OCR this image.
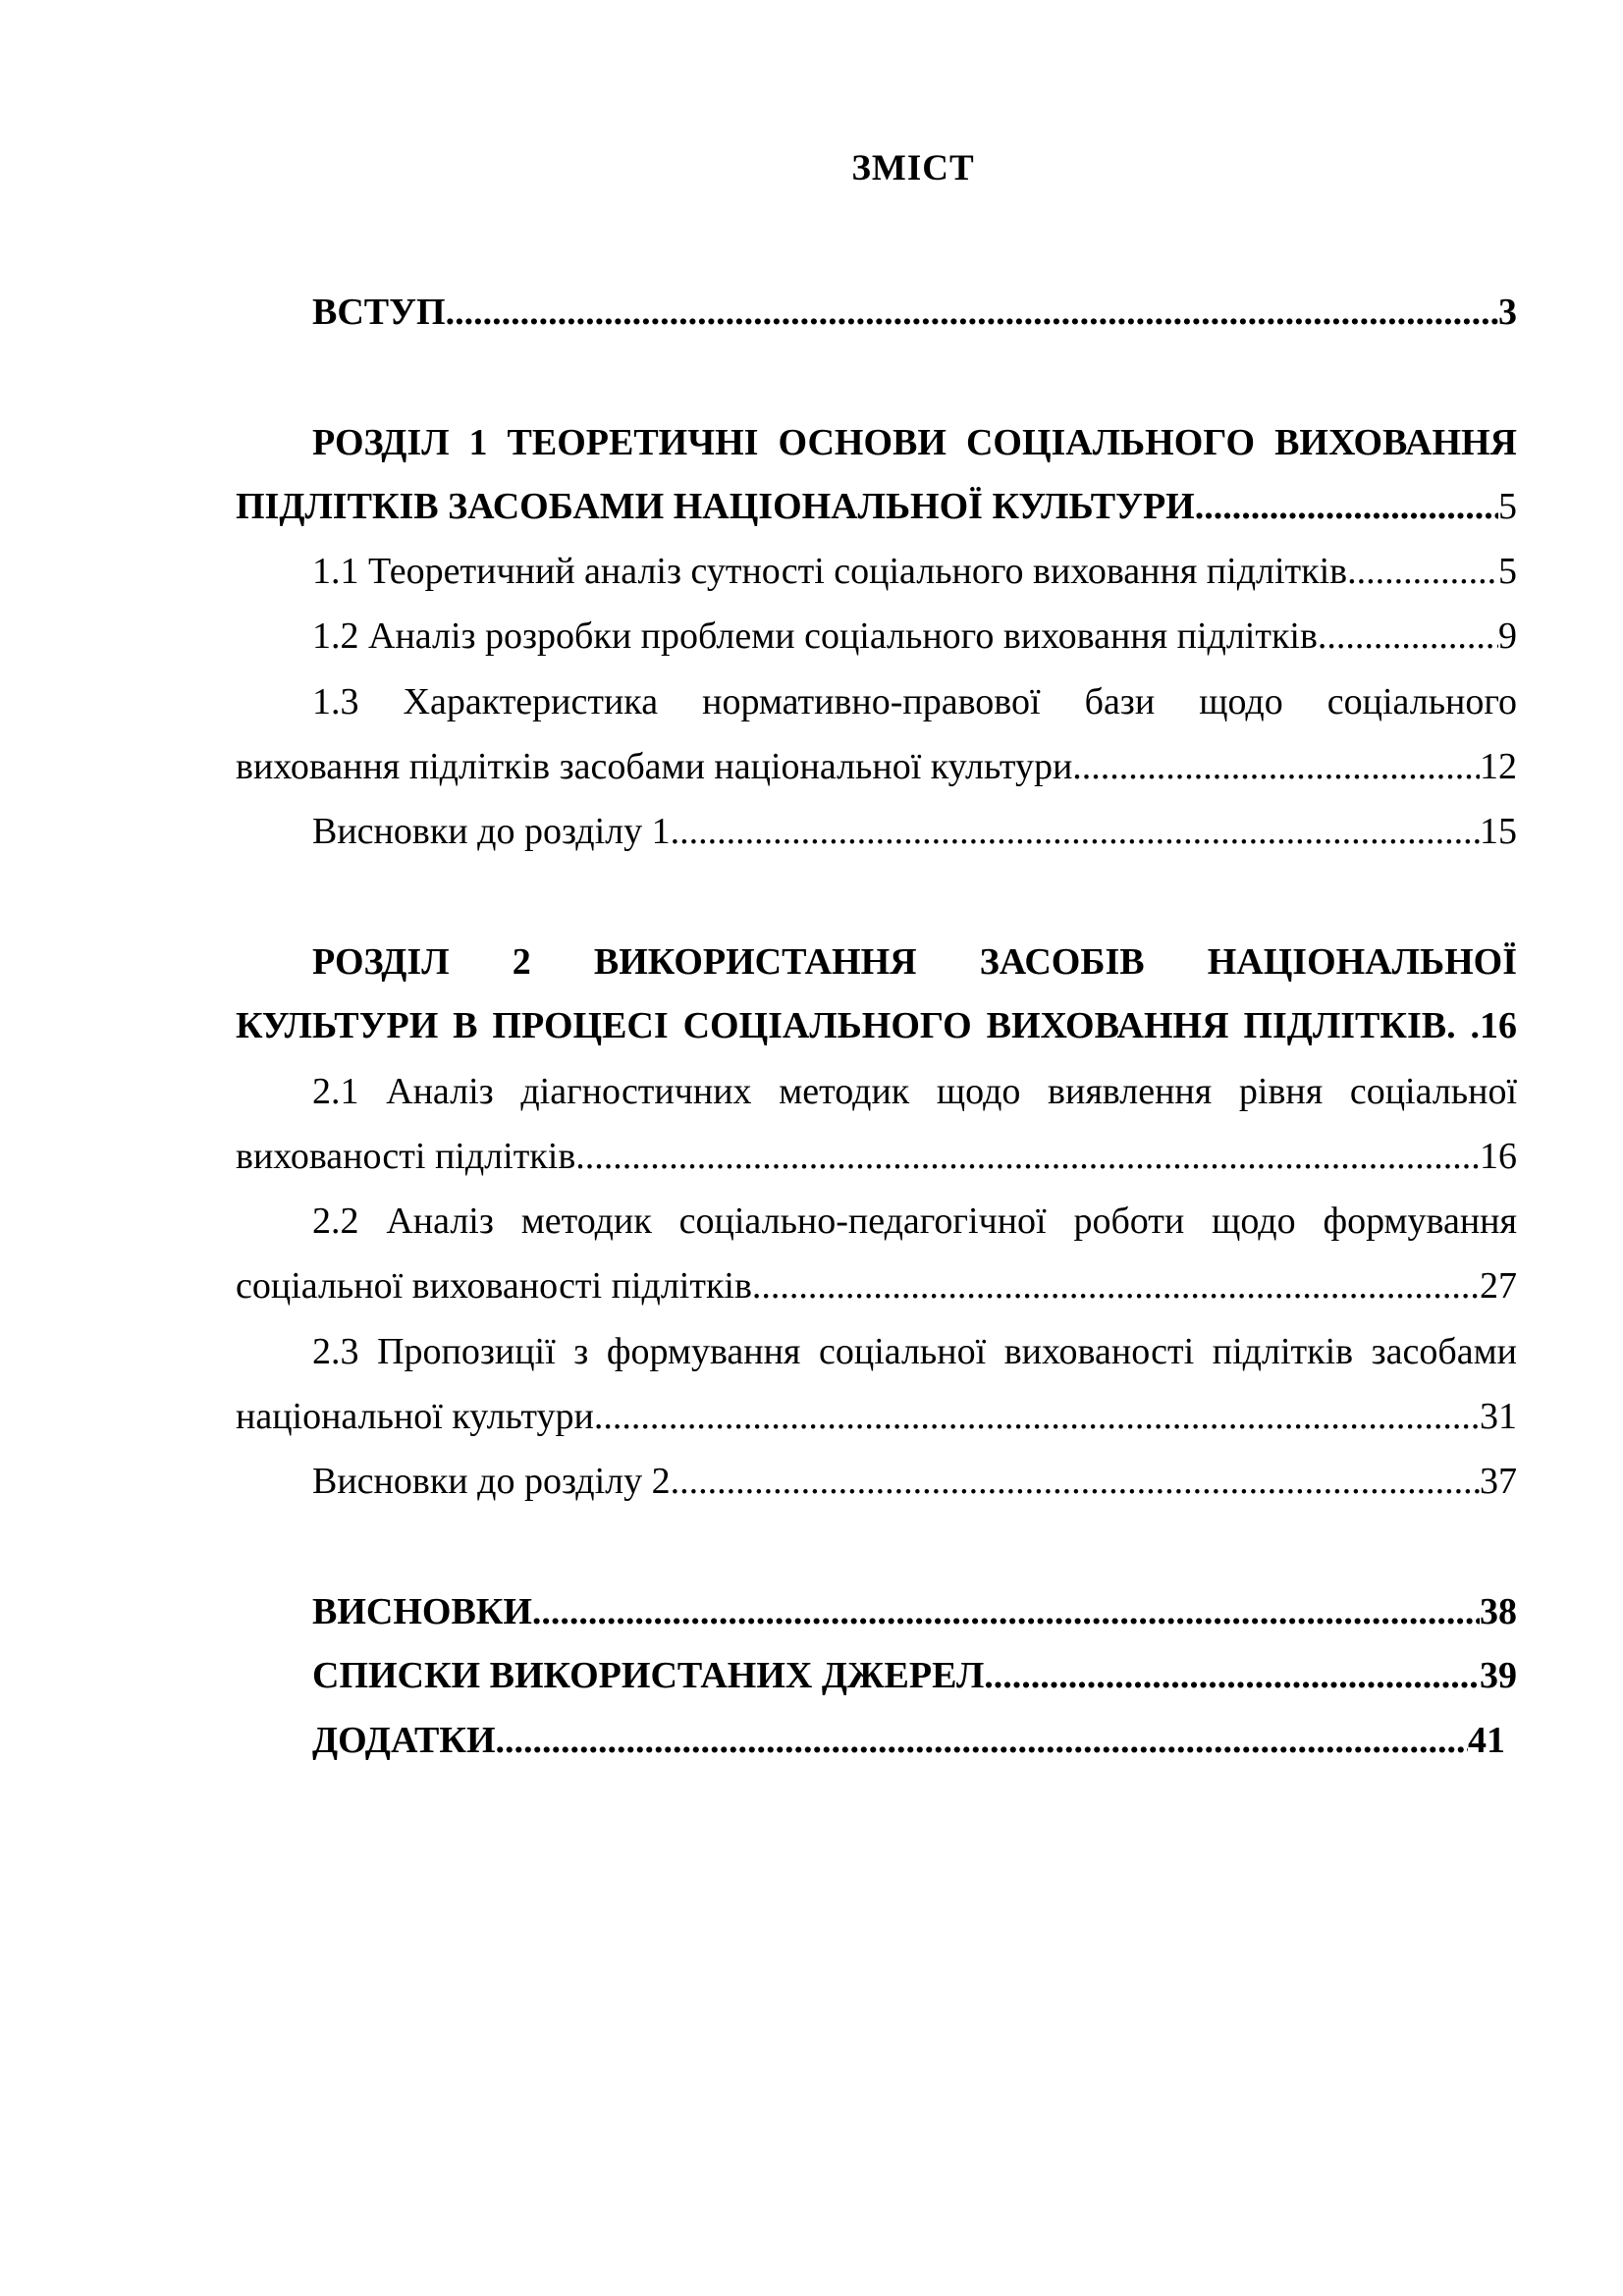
ЗМІСТ
ВСТУП .....	3
РОЗДІЛ 1 ТЕОРЕТИЧНІ ОСНОВИ СОЦІАЛЬНОГО ВИХОВАННЯ
ПІДЛІТКІВ ЗАСОБАМИ НАЦІОНАЛЬНОЇ КУЛЬТУРИ .....	5
1.1 Теоретичний аналіз сутності соціального виховання підлітків .....	5
1.2 Аналіз розробки проблеми соціального виховання підлітків .....	9
1.3 Характеристика нормативно-правової бази щодо соціального
виховання підлітків засобами національної культури .....	12
Висновки до розділу 1 .....	15
РОЗДІЛ 2 ВИКОРИСТАННЯ ЗАСОБІВ НАЦІОНАЛЬНОЇ
КУЛЬТУРИ В ПРОЦЕСІ СОЦІАЛЬНОГО ВИХОВАННЯ ПІДЛІТКІВ. .16
2.1 Аналіз діагностичних методик щодо виявлення рівня соціальної
вихованості підлітків .....	16
2.2 Аналіз методик соціально-педагогічної роботи щодо формування
соціальної вихованості підлітків .....	27
2.3 Пропозиції з формування соціальної вихованості підлітків засобами
національної культури .....	31
Висновки до розділу 2 .....	37
ВИСНОВКИ .....	38
СПИСКИ ВИКОРИСТАНИХ ДЖЕРЕЛ .....	39
ДОДАТКИ .....	41
